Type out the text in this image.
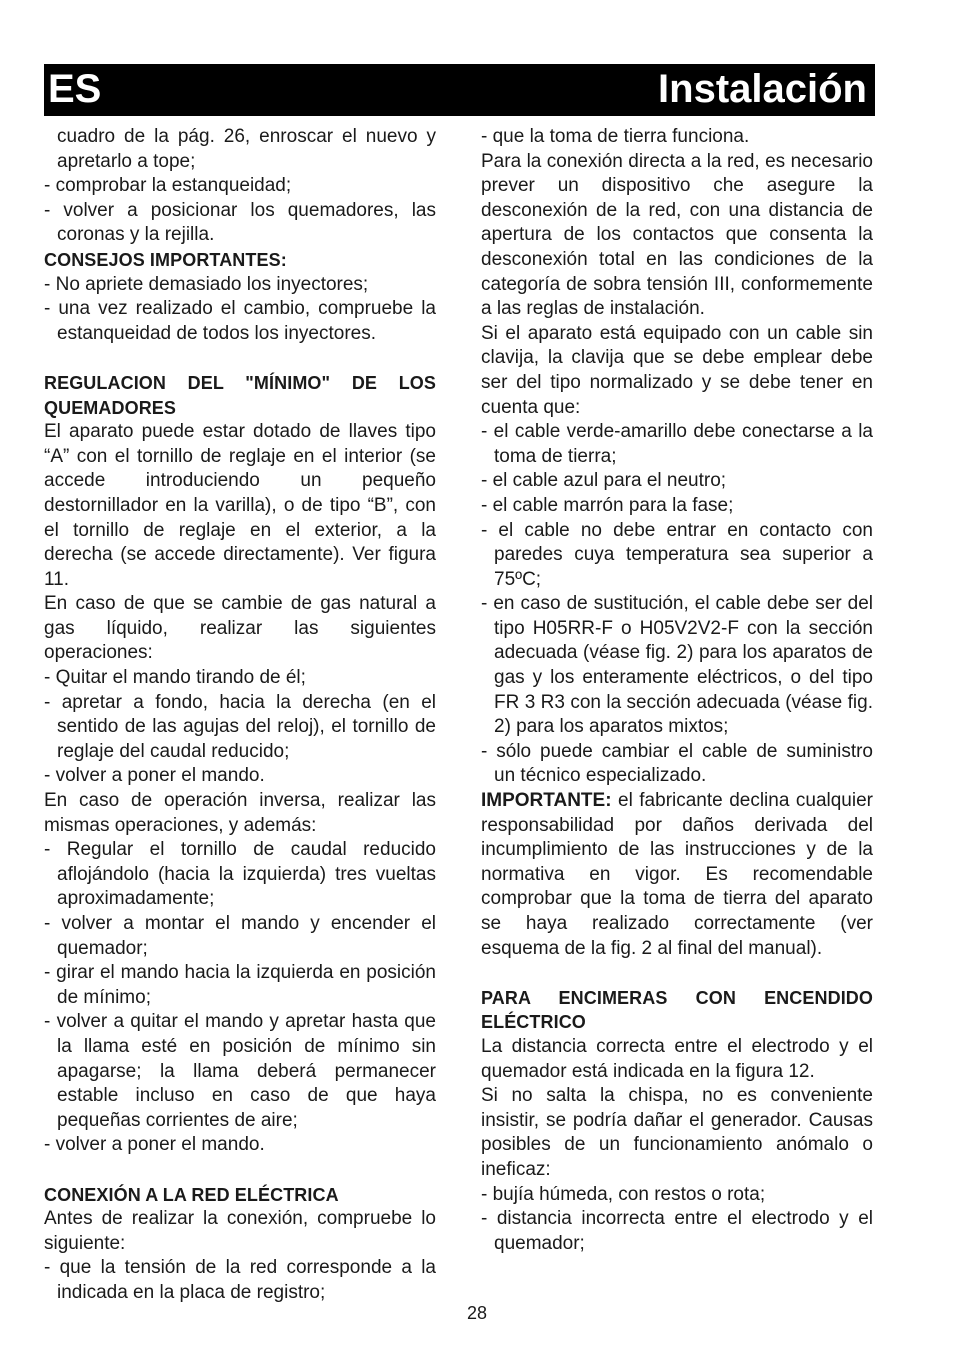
ES	Instalación

cuadro de la pág. 26, enroscar el nuevo y apretarlo a tope;

- comprobar la estanqueidad;

- volver a posicionar los quemadores, las coronas y la rejilla.

CONSEJOS IMPORTANTES:

- No apriete demasiado los inyectores;

- una vez realizado el cambio, compruebe la estanqueidad de todos los inyectores.

REGULACION DEL "MÍNIMO" DE LOS QUEMADORES

El aparato puede estar dotado de llaves tipo “A” con el tornillo de reglaje en el interior (se accede introduciendo un pequeño destornillador en la varilla), o de tipo “B”, con el tornillo de reglaje en el exterior, a la derecha (se accede directamente). Ver figura 11.

En caso de que se cambie de gas natural a gas líquido, realizar las siguientes operaciones:

- Quitar el mando tirando de él;

- apretar a fondo, hacia la derecha (en el sentido de las agujas del reloj), el tornillo de reglaje del caudal reducido;

- volver a poner el mando.

En caso de operación inversa, realizar las mismas operaciones, y además:

- Regular el tornillo de caudal reducido aflojándolo (hacia la izquierda) tres vueltas aproximadamente;

- volver a montar el mando y encender el quemador;

- girar el mando hacia la izquierda en posición de mínimo;

- volver a quitar el mando y apretar hasta que la llama esté en posición de mínimo sin apagarse; la llama deberá permanecer estable incluso en caso de que haya pequeñas corrientes de aire;

- volver a poner el mando.

CONEXIÓN A LA RED ELÉCTRICA

Antes de realizar la conexión, compruebe lo siguiente:

- que la tensión de la red corresponde a la indicada en la placa de registro;

- que la toma de tierra funciona.

Para la conexión directa a la red, es necesario prever un dispositivo che asegure la desconexión de la red, con una distancia de apertura de los contactos que consenta la desconexión total en las condiciones de la categoría de sobra tensión III, conformemente a las reglas de instalación.

Si el aparato está equipado con un cable sin clavija, la clavija que se debe emplear debe ser del tipo normalizado y se debe tener en cuenta que:

- el cable verde-amarillo debe conectarse a la toma de tierra;

- el cable azul para el neutro;

- el cable marrón para la fase;

- el cable no debe entrar en contacto con paredes cuya temperatura sea superior a 75ºC;

- en caso de sustitución, el cable debe ser del tipo H05RR-F o H05V2V2-F con la sección adecuada (véase fig. 2) para los aparatos de gas y los enteramente eléctricos, o del tipo FR 3 R3 con la sección adecuada (véase fig. 2) para los aparatos mixtos;

- sólo puede cambiar el cable de suministro un técnico especializado.

IMPORTANTE: el fabricante declina cualquier responsabilidad por daños derivada del incumplimiento de las instrucciones y de la normativa en vigor. Es recomendable comprobar que la toma de tierra del aparato se haya realizado correctamente (ver esquema de la fig. 2 al final del manual).

PARA ENCIMERAS CON ENCENDIDO ELÉCTRICO

La distancia correcta entre el electrodo y el quemador está indicada en la figura 12.

Si no salta la chispa, no es conveniente insistir, se podría dañar el generador. Causas posibles de un funcionamiento anómalo o ineficaz:

- bujía húmeda, con restos o rota;

- distancia incorrecta entre el electrodo y el quemador;

28
